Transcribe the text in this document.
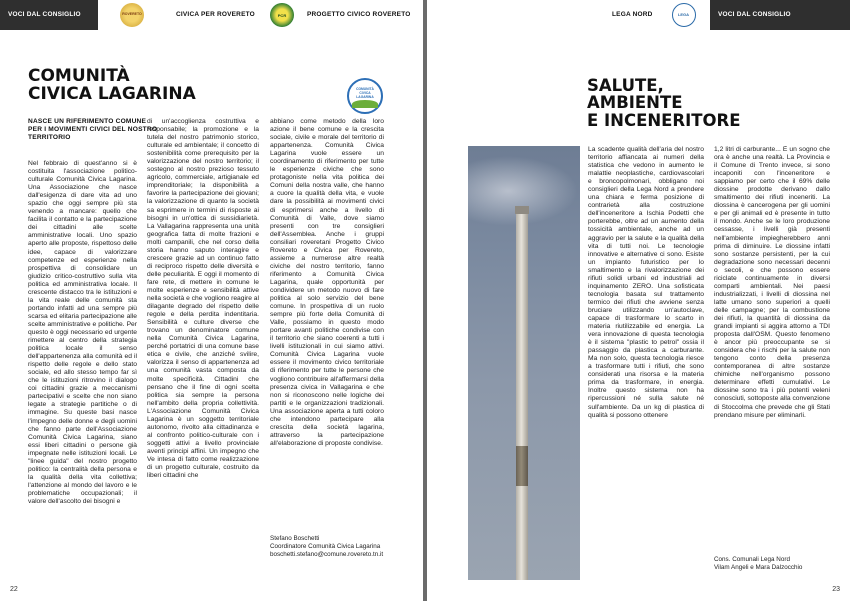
VOCI DAL CONSIGLIO	ROVERETO	CIVICA PER ROVERETO	PCR	PROGETTO CIVICO ROVERETO
COMUNITÀ CIVICA LAGARINA
COMUNITÀ
CIVICA LAGARINA
NASCE UN RIFERIMENTO COMUNE
PER I MOVIMENTI CIVICI DEL NOSTRO
TERRITORIO

Nel febbraio di quest'anno si è costituita l'associazione politico-culturale Comunità Civica Lagarina. Una Associazione che nasce dall'esigenza di dare vita ad uno spazio che oggi sempre più sta venendo a mancare: quello che facilita il contatto e la partecipazione dei cittadini alle scelte amministrative locali. Uno spazio aperto alle proposte, rispettoso delle idee, capace di valorizzare competenze ed esperienze nella prospettiva di consolidare un giudizio critico-costruttivo sulla vita politica ed amministrativa locale. Il crescente distacco tra le istituzioni e la vita reale delle comunità sta portando infatti ad una sempre più scarsa ed elitaria partecipazione alle scelte amministrative e politiche. Per questo è oggi necessario ed urgente rimettere al centro della strategia politica locale il senso dell'appartenenza alla comunità ed il rispetto delle regole e dello stato sociale, ed allo stesso tempo far sì che le istituzioni ritrovino il dialogo coi cittadini grazie a meccanismi partecipativi e scelte che non siano legate a strategie partitiche o di immagine. Su queste basi nasce l'impegno delle donne e degli uomini che fanno parte dell'Associazione Comunità Civica Lagarina, siano essi liberi cittadini o persone già impegnate nelle istituzioni locali. Le "linee guida" del nostro progetto politico: la centralità della persona e la qualità della vita collettiva; l'attenzione al mondo del lavoro e le problematiche occupazionali; il valore dell'ascolto dei bisogni e

di un'accoglienza costruttiva e responsabile; la promozione e la tutela del nostro patrimonio storico, culturale ed ambientale; il concetto di sostenibilità come prerequisito per la valorizzazione del nostro territorio; il sostegno al nostro prezioso tessuto agricolo, commerciale, artigianale ed imprenditoriale; la disponibilità a favorire la partecipazione dei giovani; la valorizzazione di quanto la società sa esprimere in termini di risposte ai bisogni in un'ottica di sussidiarietà. La Vallagarina rappresenta una unità geografica fatta di molte frazioni e molti campanili, che nel corso della storia hanno saputo interagire e crescere grazie ad un continuo fatto di reciproco rispetto delle diversità e delle peculiarità. E oggi il momento di fare rete, di mettere in comune le molte esperienze e sensibilità attive nella società e che vogliono reagire al dilagante degrado del rispetto delle regole e della perdita indentitaria. Sensibilità e culture diverse che trovano un denominatore comune nella Comunità Civica Lagarina, perché portatrici di una comune base etica e civile, che anziché svilire, valorizza il senso di appartenenza ad una comunità vasta composta da molte specificità. Cittadini che pensano che il fine di ogni scelta politica sia sempre la persona nell'ambito della propria collettività. L'Associazione Comunità Civica Lagarina è un soggetto territoriale autonomo, rivolto alla cittadinanza e al confronto politico-culturale con i soggetti attivi a livello provinciale aventi principi affini. Un impegno che Ve intesa di fatto come realizzazione di un progetto culturale, costruito da liberi cittadini che

abbiano come metodo della loro azione il bene comune e la crescita sociale, civile e morale del territorio di appartenenza. Comunità Civica Lagarina vuole essere un coordinamento di riferimento per tutte le esperienze civiche che sono protagoniste nella vita politica dei Comuni della nostra valle, che hanno a cuore la qualità della vita, e vuole dare la possibilità ai movimenti civici di esprimersi anche a livello di Comunità di Valle, dove siamo presenti con tre consiglieri dell'Assemblea. Anche i gruppi consiliari roveretani Progetto Civico Rovereto e Civica per Rovereto, assieme a numerose altre realtà civiche del nostro territorio, fanno riferimento a Comunità Civica Lagarina, quale opportunità per condividere un metodo nuovo di fare politica al solo servizio del bene comune. In prospettiva di un ruolo sempre più forte della Comunità di Valle, possiamo in questo modo portare avanti politiche condivise con il territorio che siano coerenti a tutti i livelli istituzionali in cui siamo attivi. Comunità Civica Lagarina vuole essere il movimento civico territoriale di riferimento per tutte le persone che vogliono contribuire all'affermarsi della presenza civica in Vallagarina e che non si riconoscono nelle logiche dei partiti e le organizzazioni tradizionali. Una associazione aperta a tutti coloro che intendono partecipare alla crescita della società lagarina, attraverso la partecipazione all'elaborazione di proposte condivise.

Stefano Boschetti
Coordinatore Comunità Civica Lagarina
boschetti.stefano@comune.rovereto.tn.it
22
LEGA NORD	LEGA	VOCI DAL CONSIGLIO
SALUTE,
AMBIENTE
E INCENERITORE

La scadente qualità dell'aria del nostro territorio affiancata ai numeri della statistica che vedono in aumento le malattie neoplastiche, cardiovascolari e broncopolmonari, obbligano noi consiglieri della Lega Nord a prendere una chiara e ferma posizione di contrarietà alla costruzione dell'inceneritore a Ischia Podetti che porterebbe, oltre ad un aumento della tossicità ambientale, anche ad un aggravio per la salute e la qualità della vita di tutti noi. Le tecnologie innovative e alternative ci sono. Esiste un impianto futuristico per lo smaltimento e la rivalorizzazione dei rifiuti solidi urbani ed industriali ad inquinamento ZERO. Una sofisticata tecnologia basata sul trattamento termico dei rifiuti che avviene senza bruciare utilizzando un'autoclave, capace di trasformare lo scarto in materia riutilizzabile ed energia. La vera innovazione di questa tecnologia è il sistema "plastic to petrol" ossia il passaggio da plastica a carburante. Ma non solo, questa tecnologia riesce a trasformare tutti i rifiuti, che sono considerati una risorsa e la materia prima da trasformare, in energia. Inoltre questo sistema non ha ripercussioni né sulla salute né sull'ambiente. Da un kg di plastica di qualità si possono ottenere

1,2 litri di carburante... È un sogno che ora è anche una realtà. La Provincia e il Comune di Trento invece, si sono incaponiti con l'inceneritore e sappiamo per certo che il 69% delle diossine prodotte derivano dallo smaltimento dei rifiuti inceneriti. La diossina è cancerogena per gli uomini e per gli animali ed è presente in tutto il mondo. Anche se le loro produzione cessasse, i livelli già presenti nell'ambiente impiegherebbero anni prima di diminuire. Le diossine infatti sono sostanze persistenti, per la cui degradazione sono necessari decenni o secoli, e che possono essere riciclate continuamente in diversi comparti ambientali. Nei paesi industrializzati, i livelli di diossina nel latte umano sono superiori a quelli delle campagne; per la combustione dei rifiuti, la quantità di diossina da grandi impianti si aggira attorno a TDI proposta dall'OSM. Questo fenomeno è ancor più preoccupante se si considera che i rischi per la salute non tengono conto della presenza contemporanea di altre sostanze chimiche nell'organismo possono determinare effetti cumulativi. Le diossine sono tra i più potenti veleni conosciuti, sottoposte alla convenzione di Stoccolma che prevede che gli Stati prendano misure per eliminarli.

Cons. Comunali Lega Nord
Vilam Angeli e Mara Dalzocchio
23
